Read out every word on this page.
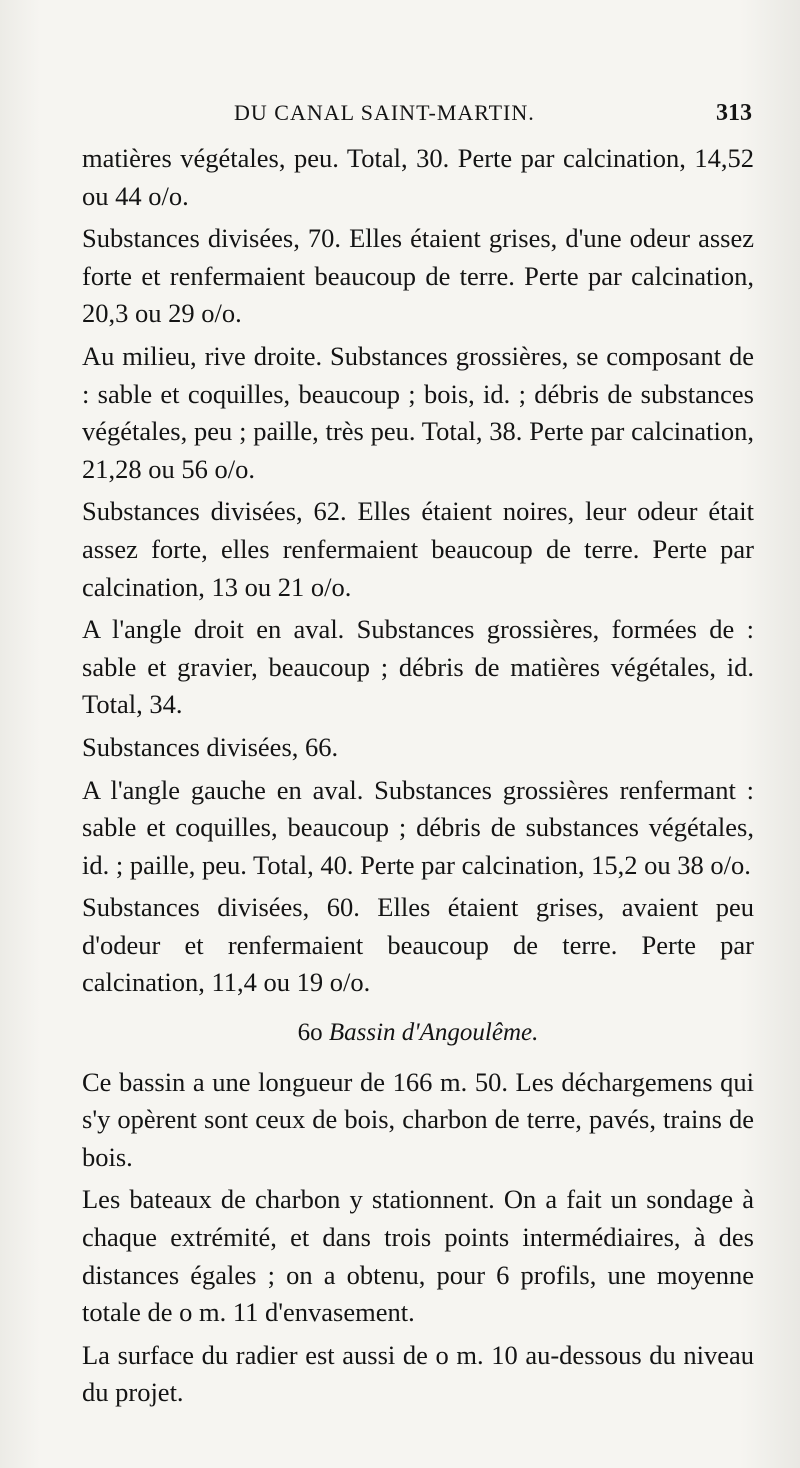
DU CANAL SAINT-MARTIN.	313

matières végétales, peu. Total, 30. Perte par calcination, 14,52 ou 44 o/o.

Substances divisées, 70. Elles étaient grises, d'une odeur assez forte et renfermaient beaucoup de terre. Perte par calcination, 20,3 ou 29 o/o.

Au milieu, rive droite. Substances grossières, se composant de : sable et coquilles, beaucoup ; bois, id. ; débris de substances végétales, peu ; paille, très peu. Total, 38. Perte par calcination, 21,28 ou 56 o/o.

Substances divisées, 62. Elles étaient noires, leur odeur était assez forte, elles renfermaient beaucoup de terre. Perte par calcination, 13 ou 21 o/o.

A l'angle droit en aval. Substances grossières, formées de : sable et gravier, beaucoup ; débris de matières végétales, id. Total, 34.

Substances divisées, 66.

A l'angle gauche en aval. Substances grossières renfermant : sable et coquilles, beaucoup ; débris de substances végétales, id. ; paille, peu. Total, 40. Perte par calcination, 15,2 ou 38 o/o.

Substances divisées, 60. Elles étaient grises, avaient peu d'odeur et renfermaient beaucoup de terre. Perte par calcination, 11,4 ou 19 o/o.

6o Bassin d'Angoulême.

Ce bassin a une longueur de 166 m. 50. Les déchargemens qui s'y opèrent sont ceux de bois, charbon de terre, pavés, trains de bois.

Les bateaux de charbon y stationnent. On a fait un sondage à chaque extrémité, et dans trois points intermédiaires, à des distances égales ; on a obtenu, pour 6 profils, une moyenne totale de o m. 11 d'envasement.

La surface du radier est aussi de o m. 10 au-dessous du niveau du projet.
